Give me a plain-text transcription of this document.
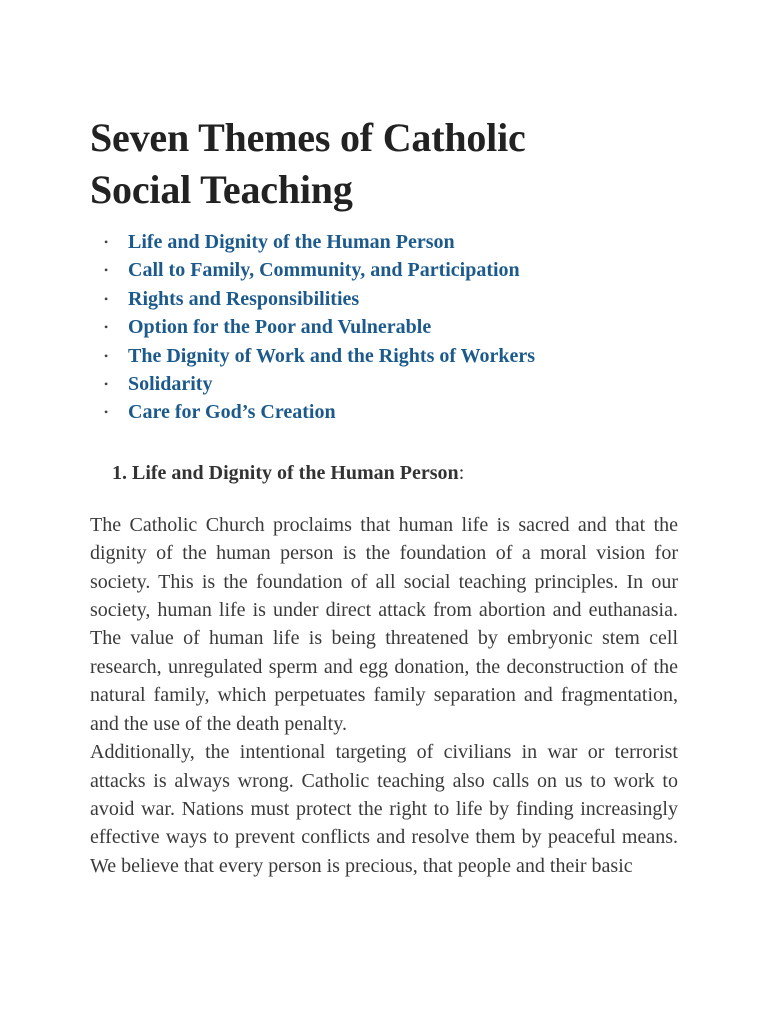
Seven Themes of Catholic
Social Teaching
• Life and Dignity of the Human Person
• Call to Family, Community, and Participation
• Rights and Responsibilities
• Option for the Poor and Vulnerable
• The Dignity of Work and the Rights of Workers
• Solidarity
• Care for God’s Creation
1. Life and Dignity of the Human Person:

The Catholic Church proclaims that human life is sacred and that the dignity of the human person is the foundation of a moral vision for society. This is the foundation of all social teaching principles. In our society, human life is under direct attack from abortion and euthanasia. The value of human life is being threatened by embryonic stem cell research, unregulated sperm and egg donation, the deconstruction of the natural family, which perpetuates family separation and fragmentation, and the use of the death penalty.

Additionally, the intentional targeting of civilians in war or terrorist attacks is always wrong. Catholic teaching also calls on us to work to avoid war. Nations must protect the right to life by finding increasingly effective ways to prevent conflicts and resolve them by peaceful means. We believe that every person is precious, that people and their basic
